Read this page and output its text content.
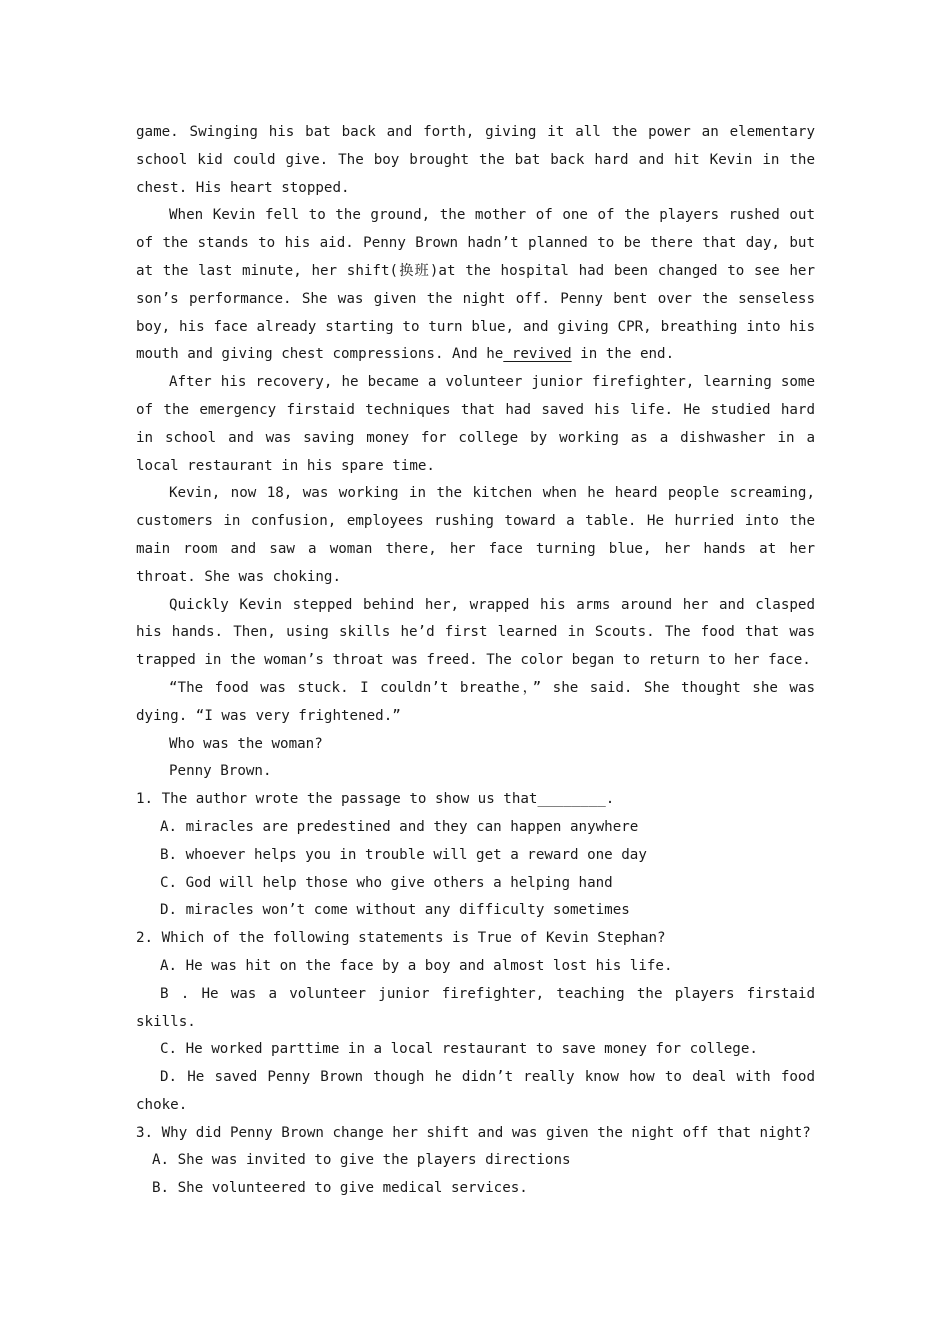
game. Swinging his bat back and forth, giving it all the power an elementary school kid could give. The boy brought the bat back hard and hit Kevin in the chest. His heart stopped.

When Kevin fell to the ground, the mother of one of the players rushed out of the stands to his aid. Penny Brown hadn’t planned to be there that day, but at the last minute, her shift(换班)at the hospital had been changed to see her son’s performance. She was given the night off. Penny bent over the senseless boy, his face already starting to turn blue, and giving CPR, breathing into his mouth and giving chest compressions. And he revived in the end.

After his recovery, he became a volunteer junior firefighter, learning some of the emergency firstaid techniques that had saved his life. He studied hard in school and was saving money for college by working as a dishwasher in a local restaurant in his spare time.

Kevin, now 18, was working in the kitchen when he heard people screaming, customers in confusion, employees rushing toward a table. He hurried into the main room and saw a woman there, her face turning blue, her hands at her throat. She was choking.

Quickly Kevin stepped behind her, wrapped his arms around her and clasped his hands. Then, using skills he’d first learned in Scouts. The food that was trapped in the woman’s throat was freed. The color began to return to her face.

“The food was stuck. I couldn’t breathe，” she said. She thought she was dying. “I was very frightened.”

Who was the woman?

Penny Brown.

1. The author wrote the passage to show us that________.

A. miracles are predestined and they can happen anywhere

B. whoever helps you in trouble will get a reward one day

C. God will help those who give others a helping hand

D. miracles won’t come without any difficulty sometimes

2. Which of the following statements is True of Kevin Stephan?

A. He was hit on the face by a boy and almost lost his life.

B . He was a volunteer junior firefighter, teaching the players firstaid skills.

C. He worked parttime in a local restaurant to save money for college.

D. He saved Penny Brown though he didn’t really know how to deal with food choke.

3. Why did Penny Brown change her shift and was given the night off that night?

A. She was invited to give the players directions

B. She volunteered to give medical services.
